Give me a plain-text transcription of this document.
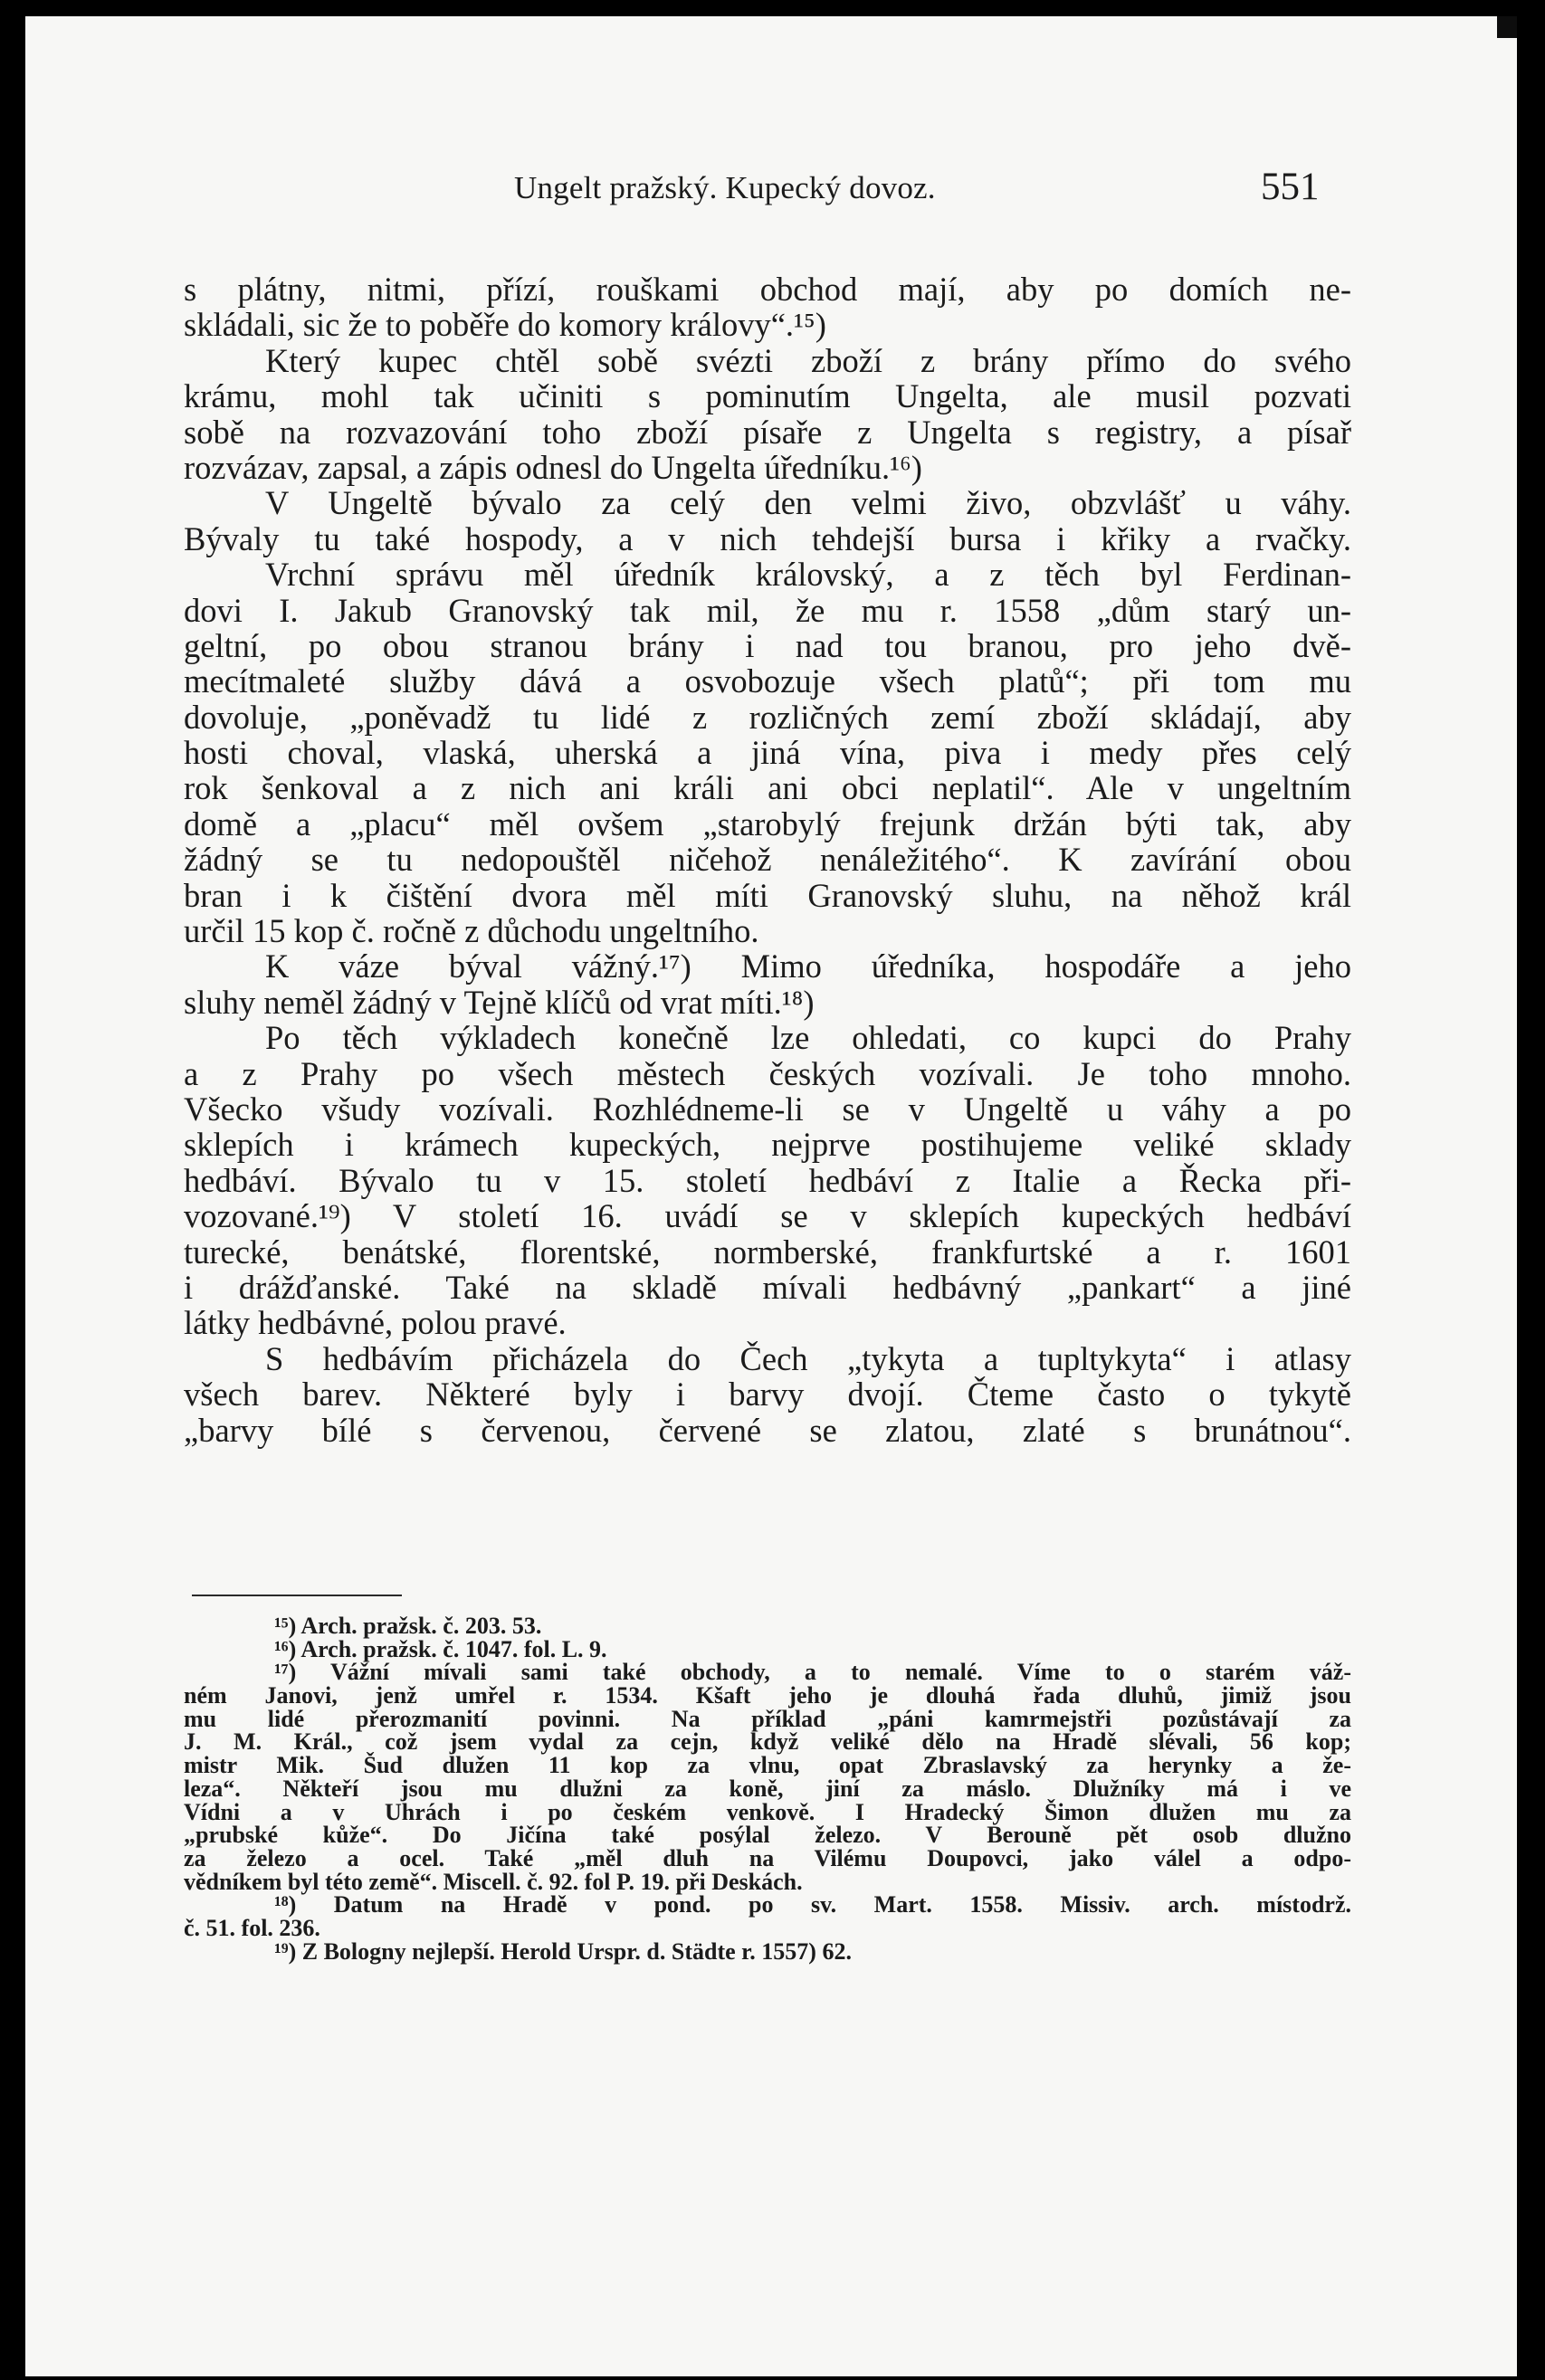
Ungelt pražský. Kupecký dovoz.	551
s plátny, nitmi, přízí, rouškami obchod mají, aby po domích ne-
skládali, sic že to poběře do komory královy“.¹⁵)
Který kupec chtěl sobě svézti zboží z brány přímo do svého
krámu, mohl tak učiniti s pominutím Ungelta, ale musil pozvati
sobě na rozvazování toho zboží písaře z Ungelta s registry, a písař
rozvázav, zapsal, a zápis odnesl do Ungelta úředníku.¹⁶)
V Ungeltě bývalo za celý den velmi živo, obzvlášť u váhy.
Bývaly tu také hospody, a v nich tehdejší bursa i křiky a rvačky.
Vrchní správu měl úředník královský, a z těch byl Ferdinan-
dovi I. Jakub Granovský tak mil, že mu r. 1558 „dům starý un-
geltní, po obou stranou brány i nad tou branou, pro jeho dvě-
mecítmaleté služby dává a osvobozuje všech platů“; při tom mu
dovoluje, „poněvadž tu lidé z rozličných zemí zboží skládají, aby
hosti choval, vlaská, uherská a jiná vína, piva i medy přes celý
rok šenkoval a z nich ani králi ani obci neplatil“. Ale v ungeltním
domě a „placu“ měl ovšem „starobylý frejunk držán býti tak, aby
žádný se tu nedopouštěl ničehož nenáležitého“. K zavírání obou
bran i k čištění dvora měl míti Granovský sluhu, na něhož král
určil 15 kop č. ročně z důchodu ungeltního.
K váze býval vážný.¹⁷) Mimo úředníka, hospodáře a jeho
sluhy neměl žádný v Tejně klíčů od vrat míti.¹⁸)
Po těch výkladech konečně lze ohledati, co kupci do Prahy
a z Prahy po všech městech českých vozívali. Je toho mnoho.
Všecko všudy vozívali. Rozhlédneme-li se v Ungeltě u váhy a po
sklepích i krámech kupeckých, nejprve postihujeme veliké sklady
hedbáví. Bývalo tu v 15. století hedbáví z Italie a Řecka při-
vozované.¹⁹) V století 16. uvádí se v sklepích kupeckých hedbáví
turecké, benátské, florentské, normberské, frankfurtské a r. 1601
i drážďanské. Také na skladě mívali hedbávný „pankart“ a jiné
látky hedbávné, polou pravé.
S hedbávím přicházela do Čech „tykyta a tupltykyta“ i atlasy
všech barev. Některé byly i barvy dvojí. Čteme často o tykytě
„barvy bílé s červenou, červené se zlatou, zlaté s brunátnou“.
¹⁵) Arch. pražsk. č. 203. 53.
¹⁶) Arch. pražsk. č. 1047. fol. L. 9.
¹⁷) Vážní mívali sami také obchody, a to nemalé. Víme to o starém váž-
ném Janovi, jenž umřel r. 1534. Kšaft jeho je dlouhá řada dluhů, jimiž jsou
mu lidé přerozmanití povinni. Na příklad „páni kamrmejstři pozůstávají za
J. M. Král., což jsem vydal za cejn, když veliké dělo na Hradě slévali, 56 kop;
mistr Mik. Šud dlužen 11 kop za vlnu, opat Zbraslavský za herynky a že-
leza“. Někteří jsou mu dlužni za koně, jiní za máslo. Dlužníky má i ve
Vídni a v Uhrách i po českém venkově. I Hradecký Šimon dlužen mu za
„prubské kůže“. Do Jičína také posýlal železo. V Berouně pět osob dlužno
za železo a ocel. Také „měl dluh na Vilému Doupovci, jako válel a odpo-
vědníkem byl této země“. Miscell. č. 92. fol P. 19. při Deskách.
¹⁸) Datum na Hradě v pond. po sv. Mart. 1558. Missiv. arch. místodrž.
č. 51. fol. 236.
¹⁹) Z Bologny nejlepší. Herold Urspr. d. Städte r. 1557) 62.
